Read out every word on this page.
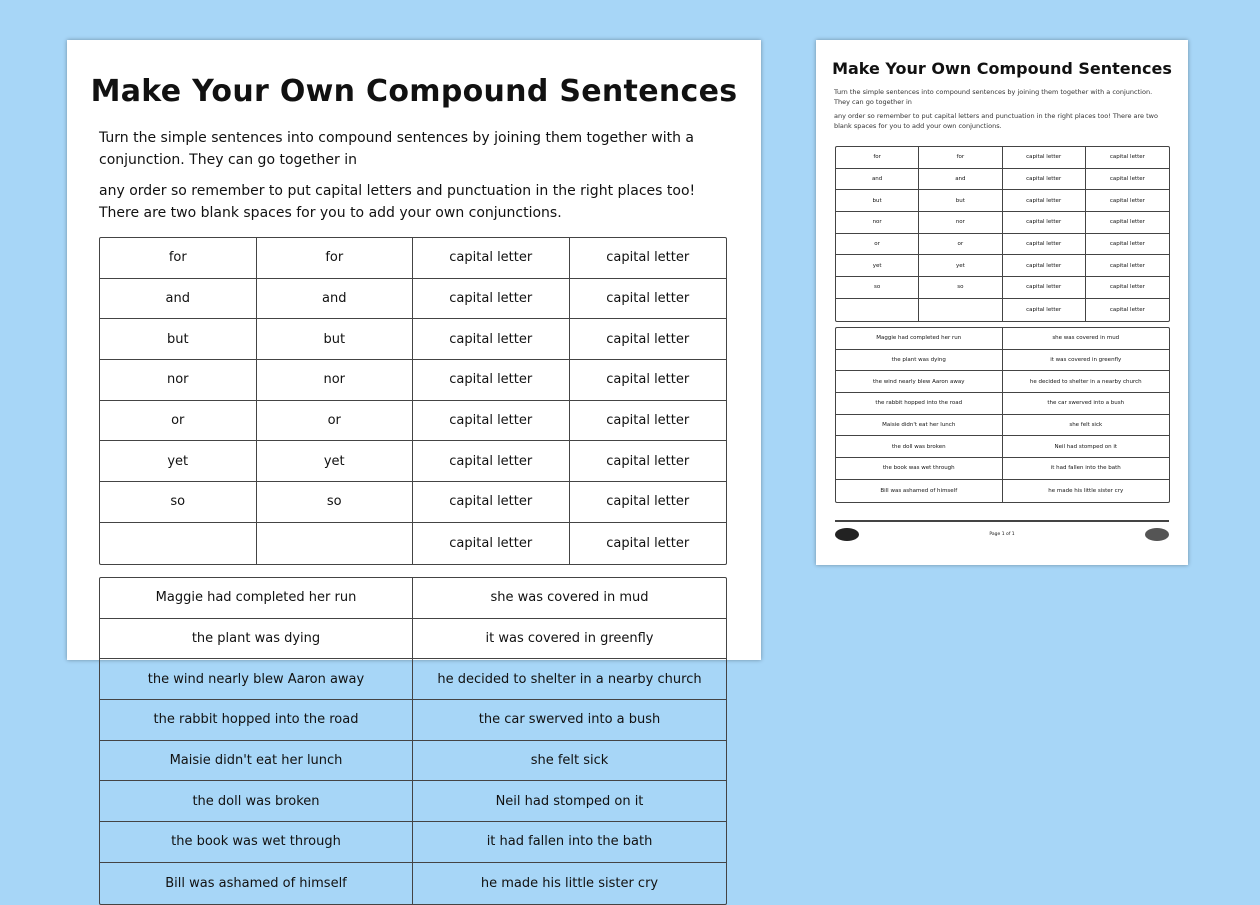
Make Your Own Compound Sentences

Turn the simple sentences into compound sentences by joining them together with a conjunction. They can go together in

any order so remember to put capital letters and punctuation in the right places too! There are two blank spaces for you to add your own conjunctions.

for	for	capital letter	capital letter
and	and	capital letter	capital letter
but	but	capital letter	capital letter
nor	nor	capital letter	capital letter
or	or	capital letter	capital letter
yet	yet	capital letter	capital letter
so	so	capital letter	capital letter
		capital letter	capital letter
Maggie had completed her run	she was covered in mud
the plant was dying	it was covered in greenfly
the wind nearly blew Aaron away	he decided to shelter in a nearby church
the rabbit hopped into the road	the car swerved into a bush
Maisie didn't eat her lunch	she felt sick
the doll was broken	Neil had stomped on it
the book was wet through	it had fallen into the bath
Bill was ashamed of himself	he made his little sister cry
Make Your Own Compound Sentences

Turn the simple sentences into compound sentences by joining them together with a conjunction. They can go together in

any order so remember to put capital letters and punctuation in the right places too! There are two blank spaces for you to add your own conjunctions.

for	for	capital letter	capital letter
and	and	capital letter	capital letter
but	but	capital letter	capital letter
nor	nor	capital letter	capital letter
or	or	capital letter	capital letter
yet	yet	capital letter	capital letter
so	so	capital letter	capital letter
		capital letter	capital letter
Maggie had completed her run	she was covered in mud
the plant was dying	it was covered in greenfly
the wind nearly blew Aaron away	he decided to shelter in a nearby church
the rabbit hopped into the road	the car swerved into a bush
Maisie didn't eat her lunch	she felt sick
the doll was broken	Neil had stomped on it
the book was wet through	it had fallen into the bath
Bill was ashamed of himself	he made his little sister cry
Page 1 of 1
